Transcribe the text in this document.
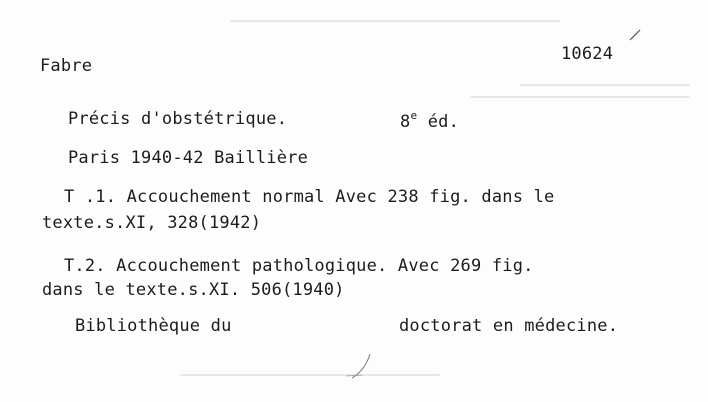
Fabre
10624
Précis d'obstétrique.	8e éd.
Paris 1940-42 Baillière
T .1. Accouchement normal Avec 238 fig. dans le
texte.s.XI, 328(1942)
T.2. Accouchement pathologique. Avec 269 fig.
dans le texte.s.XI. 506(1940)
Bibliothèque du	doctorat en médecine.
